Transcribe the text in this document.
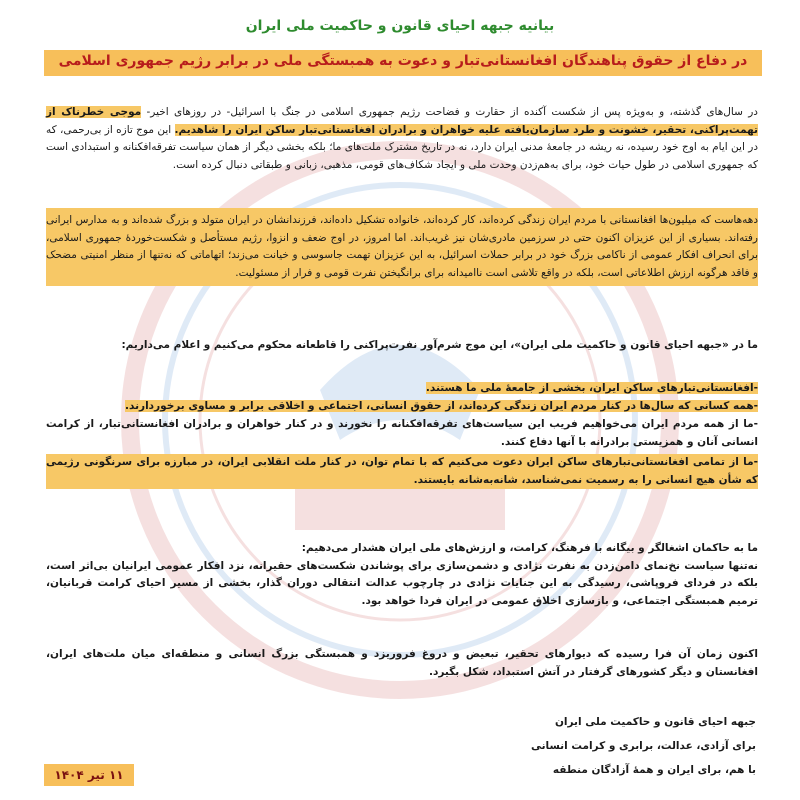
بیانیه جبهه احیای قانون و حاکمیت ملی ایران
در دفاع از حقوق پناهندگان افغانستانی‌تبار و دعوت به همبستگی ملی در برابر رژیم جمهوری اسلامی
در سال‌های گذشته، و به‌ویژه پس از شکست آکنده از حقارت و فضاحت رژیم جمهوری اسلامی در جنگ با اسرائیل- در روزهای اخیر- موجی خطرناک از تهمت‌پراکنی، تحقیر، خشونت و طرد سازمان‌یافته علیه خواهران و برادران افغانستانی‌تبار ساکن ایران را شاهدیم. این موج تازه از بی‌رحمی، که در این ایام به اوج خود رسیده، نه ریشه در جامعهٔ مدنی ایران دارد، نه در تاریخ مشترک ملت‌های ما؛ بلکه بخشی دیگر از همان سیاست تفرقه‌افکنانه و استبدادی است که جمهوری اسلامی در طول حیات خود، برای به‌هم‌زدن وحدت ملی و ایجاد شکاف‌های قومی، مذهبی، زبانی و طبقاتی دنبال کرده است.
دهه‌هاست که میلیون‌ها افغانستانی با مردم ایران زندگی کرده‌اند، کار کرده‌اند، خانواده تشکیل داده‌اند، فرزندانشان در ایران متولد و بزرگ شده‌اند و به مدارس ایرانی رفته‌اند. بسیاری از این عزیزان اکنون حتی در سرزمین مادری‌شان نیز غریب‌اند. اما امروز، در اوج ضعف و انزوا، رژیم مستأصل و شکست‌خوردهٔ جمهوری اسلامی، برای انحراف افکار عمومی از ناکامی بزرگ خود در برابر حملات اسرائیل، به این عزیزان تهمت جاسوسی و خیانت می‌زند؛ اتهاماتی که نه‌تنها از منظر امنیتی مضحک و فاقد هرگونه ارزش اطلاعاتی است، بلکه در واقع تلاشی است ناامیدانه برای برانگیختن نفرت قومی و فرار از مسئولیت.
ما در «جبهه احیای قانون و حاکمیت ملی ایران»، این موج شرم‌آور نفرت‌پراکنی را قاطعانه محکوم می‌کنیم و اعلام می‌داریم:
-افغانستانی‌تبارهای ساکن ایران، بخشی از جامعهٔ ملی ما هستند.
-همه کسانی که سال‌ها در کنار مردم ایران زندگی کرده‌اند، از حقوق انسانی، اجتماعی و اخلاقی برابر و مساوی برخوردارند.
-ما از همه مردم ایران می‌خواهیم فریب این سیاست‌های تفرقه‌افکنانه را نخورند و در کنار خواهران و برادران افغانستانی‌تبار، از کرامت انسانی آنان و همزیستی برادرانه با آنها دفاع کنند.
-ما از تمامی افغانستانی‌تبارهای ساکن ایران دعوت می‌کنیم که با تمام توان، در کنار ملت انقلابی ایران، در مبارزه برای سرنگونی رژیمی که شأن هیچ انسانی را به رسمیت نمی‌شناسد، شانه‌به‌شانه بایستند.
ما به حاکمان اشغالگر و بیگانه با فرهنگ، کرامت، و ارزش‌های ملی ایران هشدار می‌دهیم:
نه‌تنها سیاست نخ‌نمای دامن‌زدن به نفرت نژادی و دشمن‌سازی برای پوشاندن شکست‌های حقیرانه، نزد افکار عمومی ایرانیان بی‌اثر است، بلکه در فردای فروپاشی، رسیدگی به این جنایات نژادی در چارچوب عدالت انتقالی دوران گذار، بخشی از مسیر احیای کرامت قربانیان، ترمیم همبستگی اجتماعی، و بازسازی اخلاق عمومی در ایران فردا خواهد بود.
اکنون زمان آن فرا رسیده که دیوارهای تحقیر، تبعیض و دروغ فروریزد و همبستگی بزرگ انسانی و منطقه‌ای میان ملت‌های ایران، افغانستان و دیگر کشورهای گرفتار در آتش استبداد، شکل بگیرد.
جبهه احیای قانون و حاکمیت ملی ایران
برای آزادی، عدالت، برابری و کرامت انسانی
با هم، برای ایران و همهٔ آزادگان منطقه
۱۱ تیر ۱۴۰۴
